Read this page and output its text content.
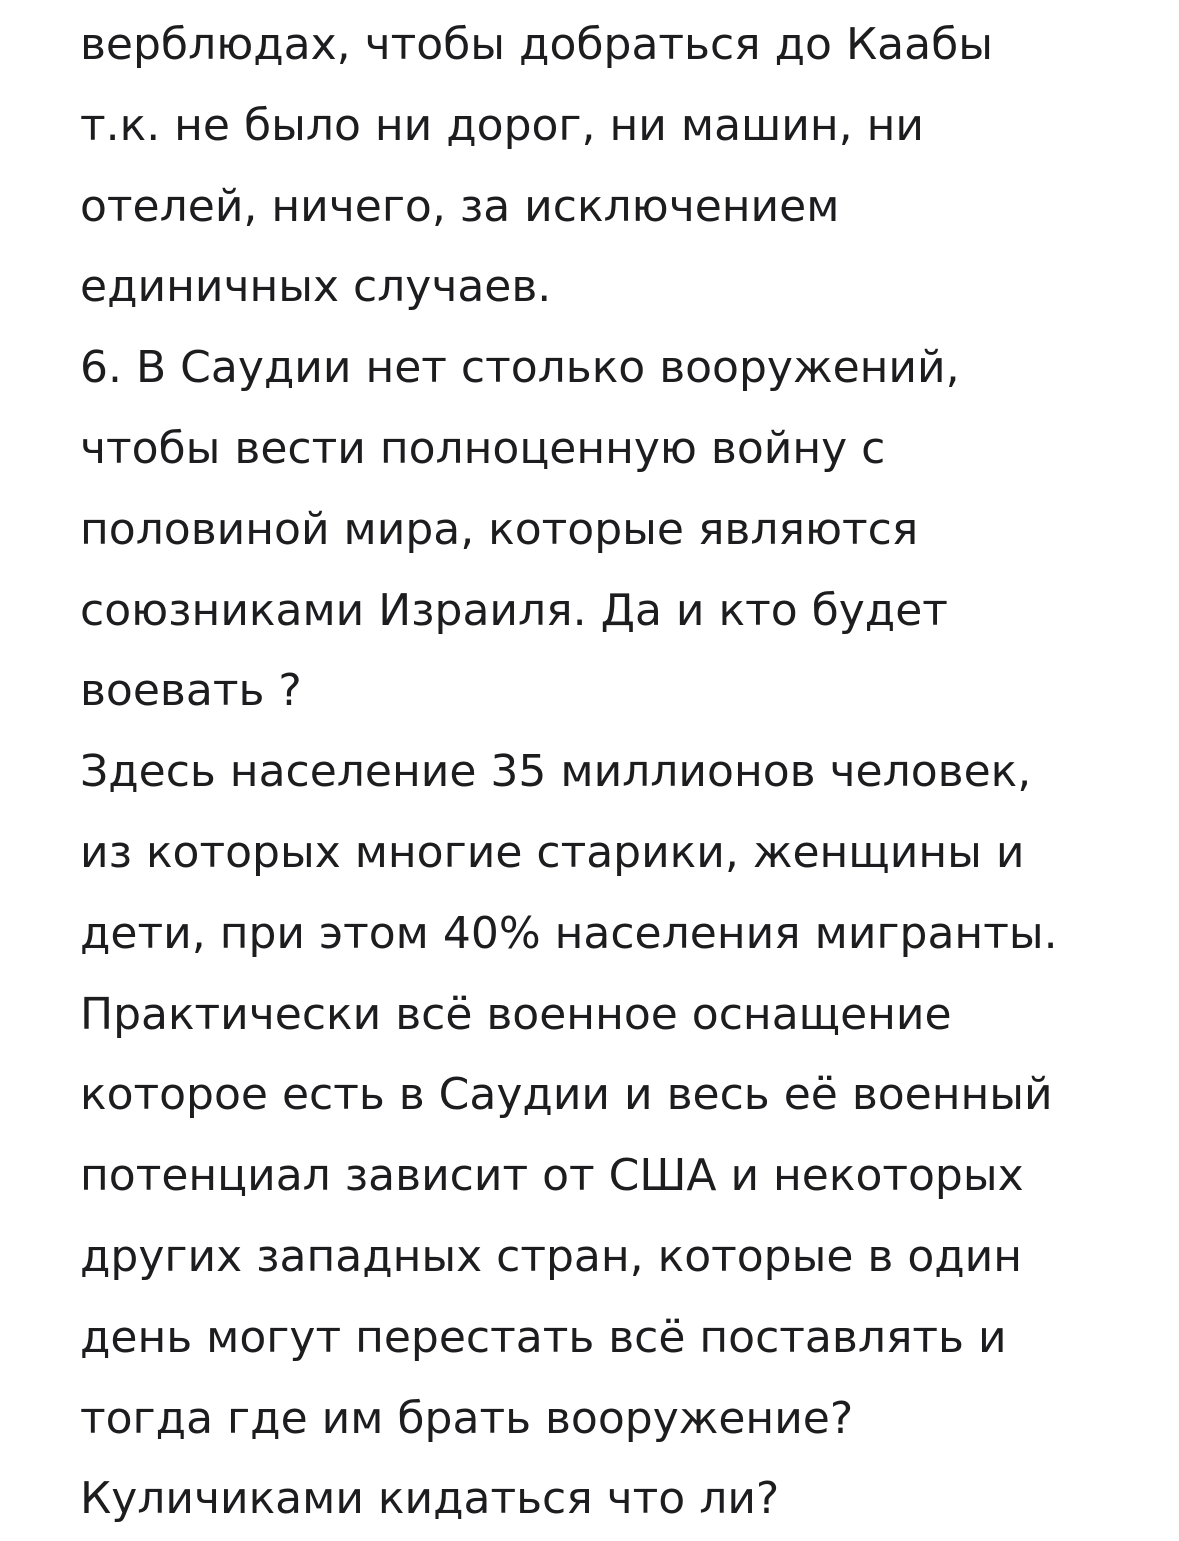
верблюдах, чтобы добраться до Каабы
т.к. не было ни дорог, ни машин, ни
отелей, ничего, за исключением
единичных случаев.
6. В Саудии нет столько вооружений,
чтобы вести полноценную войну с
половиной мира, которые являются
союзниками Израиля. Да и кто будет
воевать ?
Здесь население 35 миллионов человек,
из которых многие старики, женщины и
дети, при этом 40% населения мигранты.
Практически всё военное оснащение
которое есть в Саудии и весь её военный
потенциал зависит от США и некоторых
других западных стран, которые в один
день могут перестать всё поставлять и
тогда где им брать вооружение?
Куличиками кидаться что ли?
